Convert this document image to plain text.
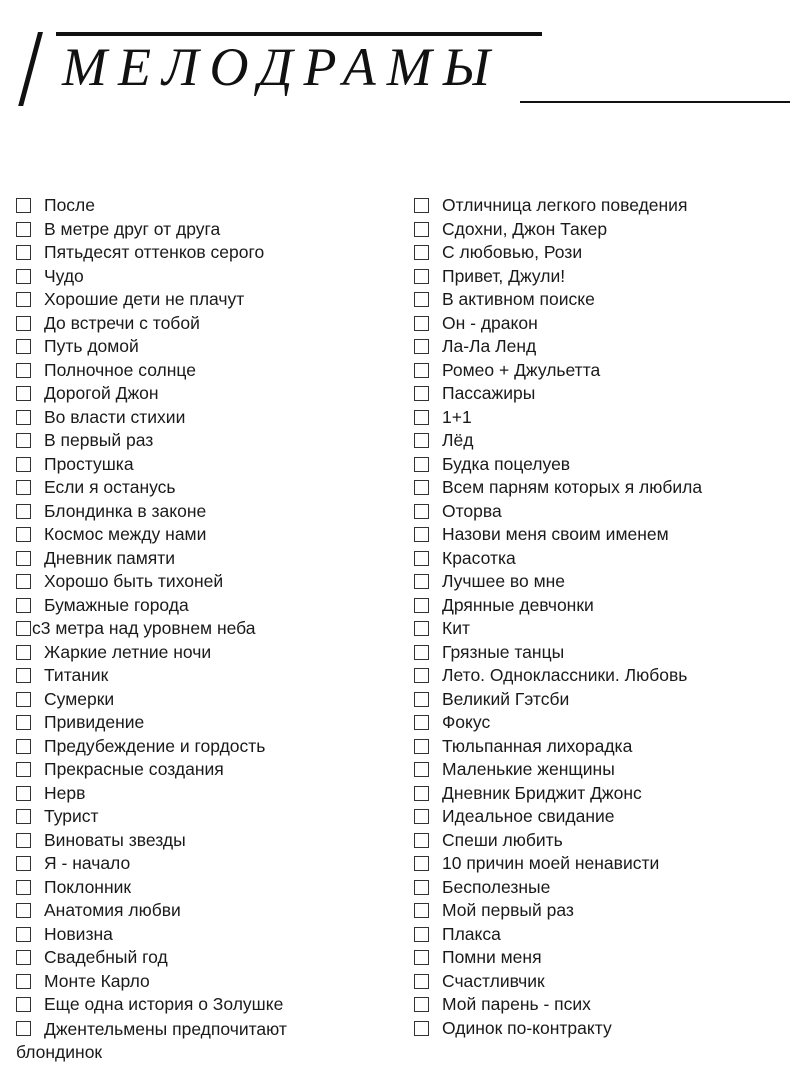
МЕЛОДРАМЫ
После
В метре друг от друга
Пятьдесят оттенков серого
Чудо
Хорошие дети не плачут
До встречи с тобой
Путь домой
Полночное солнце
Дорогой Джон
Во власти стихии
В первый раз
Простушка
Если я останусь
Блондинка в законе
Космос между нами
Дневник памяти
Хорошо быть тихоней
Бумажные города
c3 метра над уровнем неба
Жаркие летние ночи
Титаник
Сумерки
Привидение
Предубеждение и гордость
Прекрасные создания
Нерв
Турист
Виноваты звезды
Я - начало
Поклонник
Анатомия любви
Новизна
Свадебный год
Монте Карло
Еще одна история о Золушке
Джентельмены предпочитают блондинок
Отличница легкого поведения
Сдохни, Джон Такер
С любовью, Рози
Привет, Джули!
В активном поиске
Он - дракон
Ла-Ла Ленд
Ромео + Джульетта
Пассажиры
1+1
Лёд
Будка поцелуев
Всем парням которых я любила
Оторва
Назови меня своим именем
Красотка
Лучшее во мне
Дрянные девчонки
Кит
Грязные танцы
Лето. Одноклассники. Любовь
Великий Гэтсби
Фокус
Тюльпанная лихорадка
Маленькие женщины
Дневник Бриджит Джонс
Идеальное свидание
Спеши любить
10 причин моей ненависти
Бесполезные
Мой первый раз
Плакса
Помни меня
Счастливчик
Мой парень - псих
Одинок по-контракту
